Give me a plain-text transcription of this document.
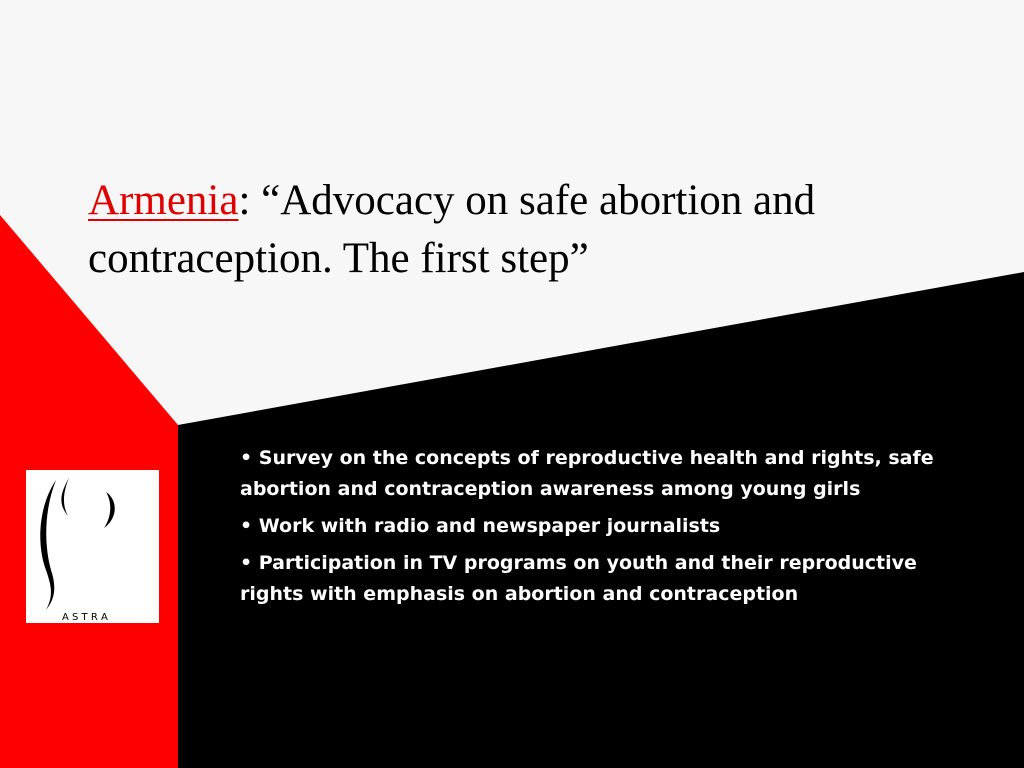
Armenia: “Advocacy on safe abortion and contraception. The first step”
• Survey on the concepts of reproductive health and rights, safe abortion and contraception awareness among young girls
• Work with radio and newspaper journalists
• Participation in TV programs on youth and their reproductive rights with emphasis on abortion and contraception
A S T R A
